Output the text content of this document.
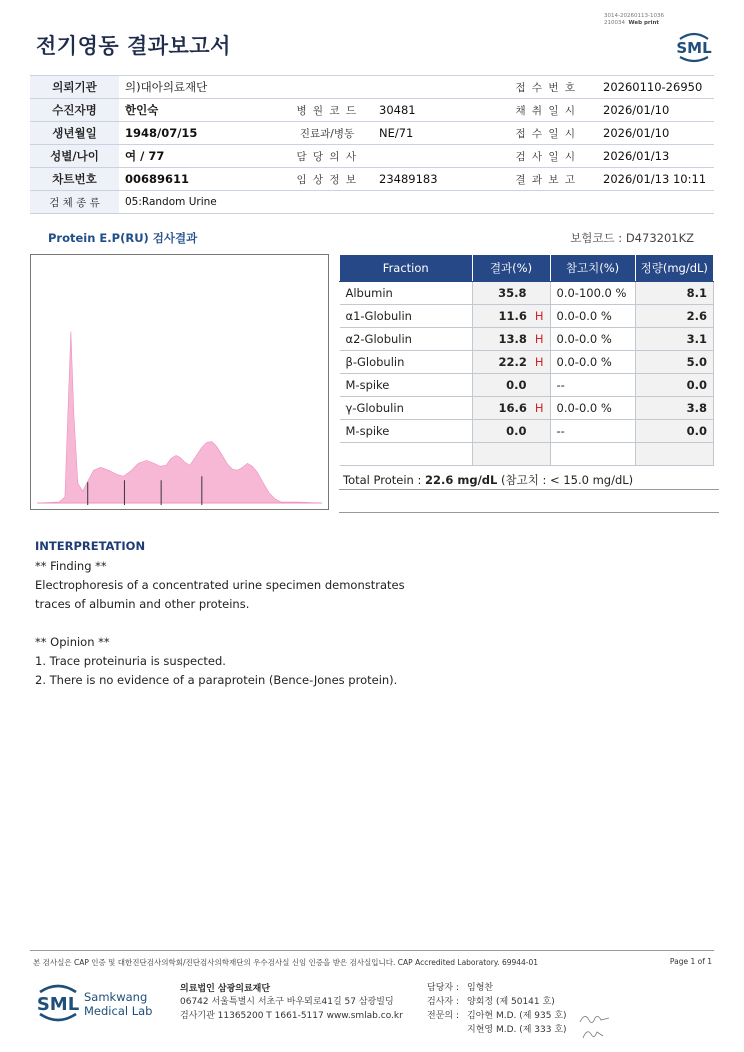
전기영동 결과보고서
3014-20260113-1036
210034 Web print
SML
의뢰기관	의)대아의료재단			접 수 번 호	20260110-26950
수진자명	한인숙	병 원 코 드	30481	채 취 일 시	2026/01/10
생년월일	1948/07/15	진료과/병동	NE/71	접 수 일 시	2026/01/10
성별/나이	여 / 77	담 당 의 사		검 사 일 시	2026/01/13
차트번호	00689611	임 상 정 보	23489183	결 과 보 고	2026/01/13 10:11
검 체 종 류	05:Random Urine				
Protein E.P(RU) 검사결과	보험코드 : D473201KZ
Fraction	결과(%)	참고치(%)	정량(mg/dL)
Albumin	35.8	0.0-100.0 %	8.1
α1-Globulin	11.6 H	0.0-0.0 %	2.6
α2-Globulin	13.8 H	0.0-0.0 %	3.1
β-Globulin	22.2 H	0.0-0.0 %	5.0
M-spike	0.0	--	0.0
γ-Globulin	16.6 H	0.0-0.0 %	3.8
M-spike	0.0	--	0.0

Total Protein : 22.6 mg/dL (참고치 : < 15.0 mg/dL)
INTERPRETATION
** Finding **
Electrophoresis of a concentrated urine specimen demonstrates
traces of albumin and other proteins.

** Opinion **
1. Trace proteinuria is suspected.
2. There is no evidence of a paraprotein (Bence-Jones protein).
본 검사실은 CAP 인증 및 대한진단검사의학회/진단검사의학재단의 우수검사실 신임 인증을 받은 검사실입니다. CAP Accredited Laboratory. 69944-01	Page 1 of 1
SML Samkwang
Medical Lab
의료법인 삼광의료재단
06742 서울특별시 서초구 바우뫼로41길 57 삼광빌딩
검사기관 11365200 T 1661-5117 www.smlab.co.kr
담당자 : 임형찬
검사자 : 양회정 (제 50141 호)
전문의 : 김아현 M.D. (제 935 호)
지현영 M.D. (제 333 호)
